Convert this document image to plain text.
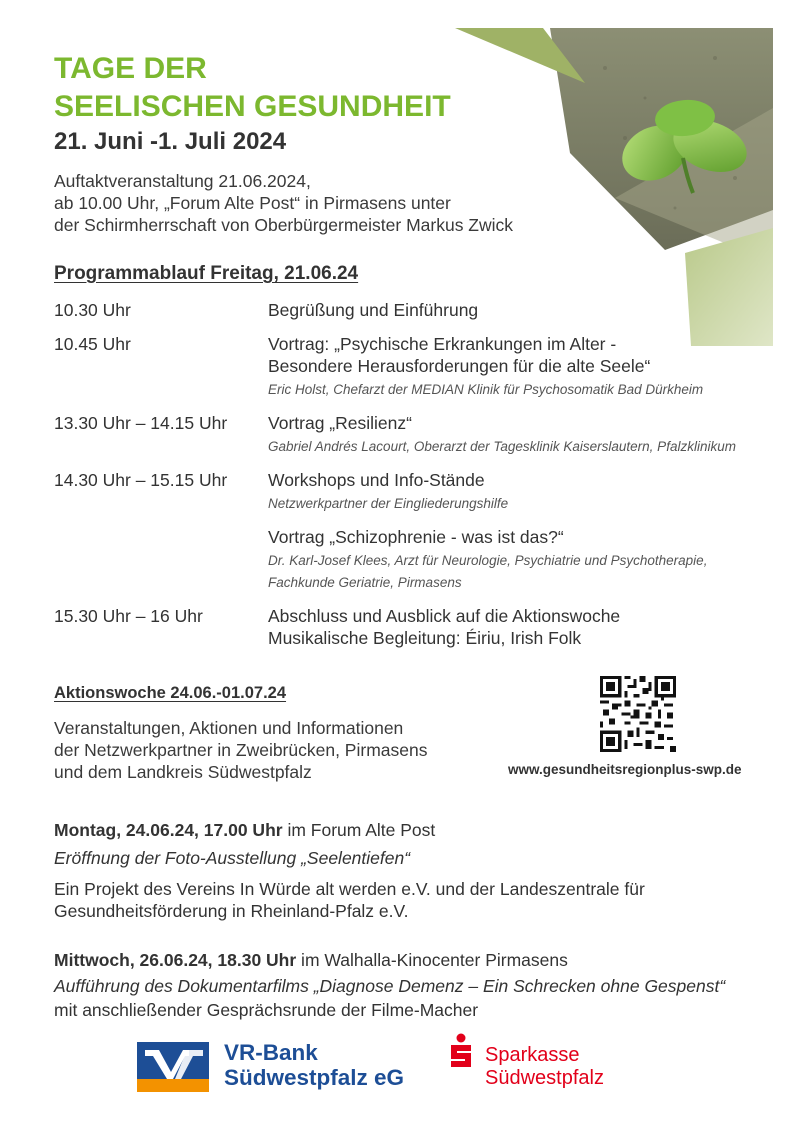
TAGE DER
SEELISCHEN GESUNDHEIT
21. Juni -1. Juli 2024
Auftaktveranstaltung 21.06.2024,
ab 10.00 Uhr, „Forum Alte Post“ in Pirmasens unter
der Schirmherrschaft von Oberbürgermeister Markus Zwick
Programmablauf Freitag, 21.06.24
10.30 Uhr	Begrüßung und Einführung
10.45 Uhr	Vortrag: „Psychische Erkrankungen im Alter -
Besondere Herausforderungen für die alte Seele“
Eric Holst, Chefarzt der MEDIAN Klinik für Psychosomatik Bad Dürkheim
13.30 Uhr – 14.15 Uhr Vortrag „Resilienz“
Gabriel Andrés Lacourt, Oberarzt der Tagesklinik Kaiserslautern, Pfalzklinikum
14.30 Uhr – 15.15 Uhr Workshops und Info-Stände
Netzwerkpartner der Eingliederungshilfe
Vortrag „Schizophrenie - was ist das?“
Dr. Karl-Josef Klees, Arzt für Neurologie, Psychiatrie und Psychotherapie,
Fachkunde Geriatrie, Pirmasens
15.30 Uhr – 16 Uhr	Abschluss und Ausblick auf die Aktionswoche
Musikalische Begleitung: Éiriu, Irish Folk
Aktionswoche 24.06.-01.07.24
Veranstaltungen, Aktionen und Informationen
der Netzwerkpartner in Zweibrücken, Pirmasens
und dem Landkreis Südwestpfalz	www.gesundheitsregionplus-swp.de
Montag, 24.06.24, 17.00 Uhr im Forum Alte Post
Eröffnung der Foto-Ausstellung „Seelentiefen“
Ein Projekt des Vereins In Würde alt werden e.V. und der Landeszentrale für
Gesundheitsförderung in Rheinland-Pfalz e.V.
Mittwoch, 26.06.24, 18.30 Uhr im Walhalla-Kinocenter Pirmasens
Aufführung des Dokumentarfilms „Diagnose Demenz – Ein Schrecken ohne Gespenst“
mit anschließender Gesprächsrunde der Filme-Macher
VR-Bank
Südwestpfalz eG
Sparkasse
Südwestpfalz
